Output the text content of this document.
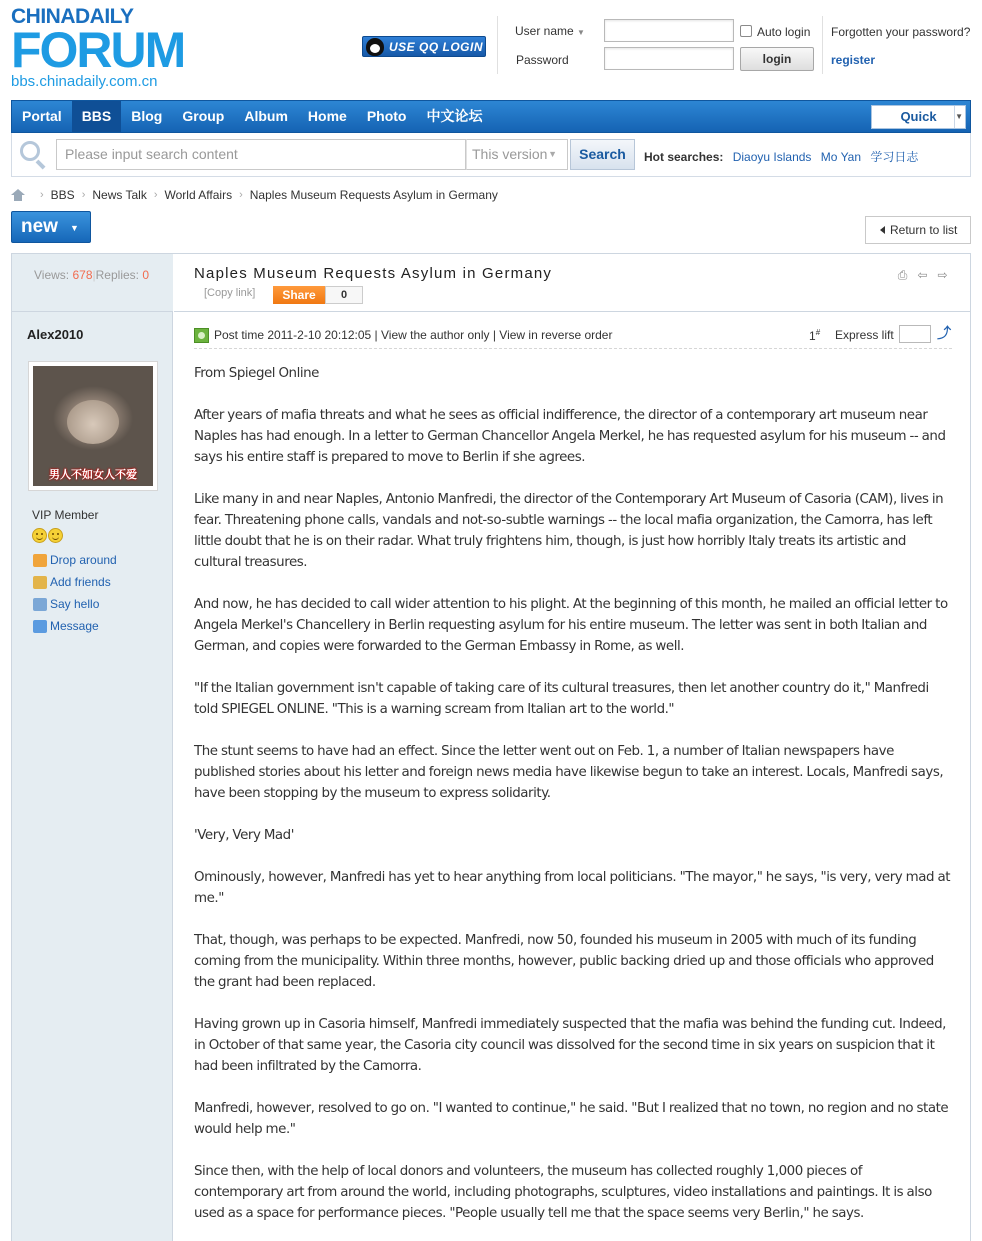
CHINADAILY
FORUM
bbs.chinadaily.com.cn
USE QQ LOGIN
User name ▼
Password
Auto login
login
Forgotten your password?
register
Portal	BBS	Blog	Group	Album	Home	Photo	中文论坛	Quick ▼
Please input search content	This version ▼	Search	Hot searches: Diaoyu Islands Mo Yan 学习日志
› BBS › News Talk › World Affairs › Naples Museum Requests Asylum in Germany
new ▼	Return to list
Views: 678|Replies: 0
Alex2010
男人不如女人不爱
VIP Member
Drop around
Add friends
Say hello
Message
Naples Museum Requests Asylum in Germany
[Copy link]	Share	0
⎙ ⇦ ⇨
Post time 2011-2-10 20:12:05 | View the author only | View in reverse order	1# Express lift	⤴

From Spiegel Online

After years of mafia threats and what he sees as official indifference, the director of a contemporary art museum near Naples has had enough. In a letter to German Chancellor Angela Merkel, he has requested asylum for his museum -- and says his entire staff is prepared to move to Berlin if she agrees.

Like many in and near Naples, Antonio Manfredi, the director of the Contemporary Art Museum of Casoria (CAM), lives in fear. Threatening phone calls, vandals and not-so-subtle warnings -- the local mafia organization, the Camorra, has left little doubt that he is on their radar. What truly frightens him, though, is just how horribly Italy treats its artistic and cultural treasures.

And now, he has decided to call wider attention to his plight. At the beginning of this month, he mailed an official letter to Angela Merkel's Chancellery in Berlin requesting asylum for his entire museum. The letter was sent in both Italian and German, and copies were forwarded to the German Embassy in Rome, as well.

"If the Italian government isn't capable of taking care of its cultural treasures, then let another country do it," Manfredi told SPIEGEL ONLINE. "This is a warning scream from Italian art to the world."

The stunt seems to have had an effect. Since the letter went out on Feb. 1, a number of Italian newspapers have published stories about his letter and foreign news media have likewise begun to take an interest. Locals, Manfredi says, have been stopping by the museum to express solidarity.

'Very, Very Mad'

Ominously, however, Manfredi has yet to hear anything from local politicians. "The mayor," he says, "is very, very mad at me."

That, though, was perhaps to be expected. Manfredi, now 50, founded his museum in 2005 with much of its funding coming from the municipality. Within three months, however, public backing dried up and those officials who approved the grant had been replaced.

Having grown up in Casoria himself, Manfredi immediately suspected that the mafia was behind the funding cut. Indeed, in October of that same year, the Casoria city council was dissolved for the second time in six years on suspicion that it had been infiltrated by the Camorra.

Manfredi, however, resolved to go on. "I wanted to continue," he said. "But I realized that no town, no region and no state would help me."

Since then, with the help of local donors and volunteers, the museum has collected roughly 1,000 pieces of contemporary art from around the world, including photographs, sculptures, video installations and paintings. It is also used as a space for performance pieces. "People usually tell me that the space seems very Berlin," he says.
